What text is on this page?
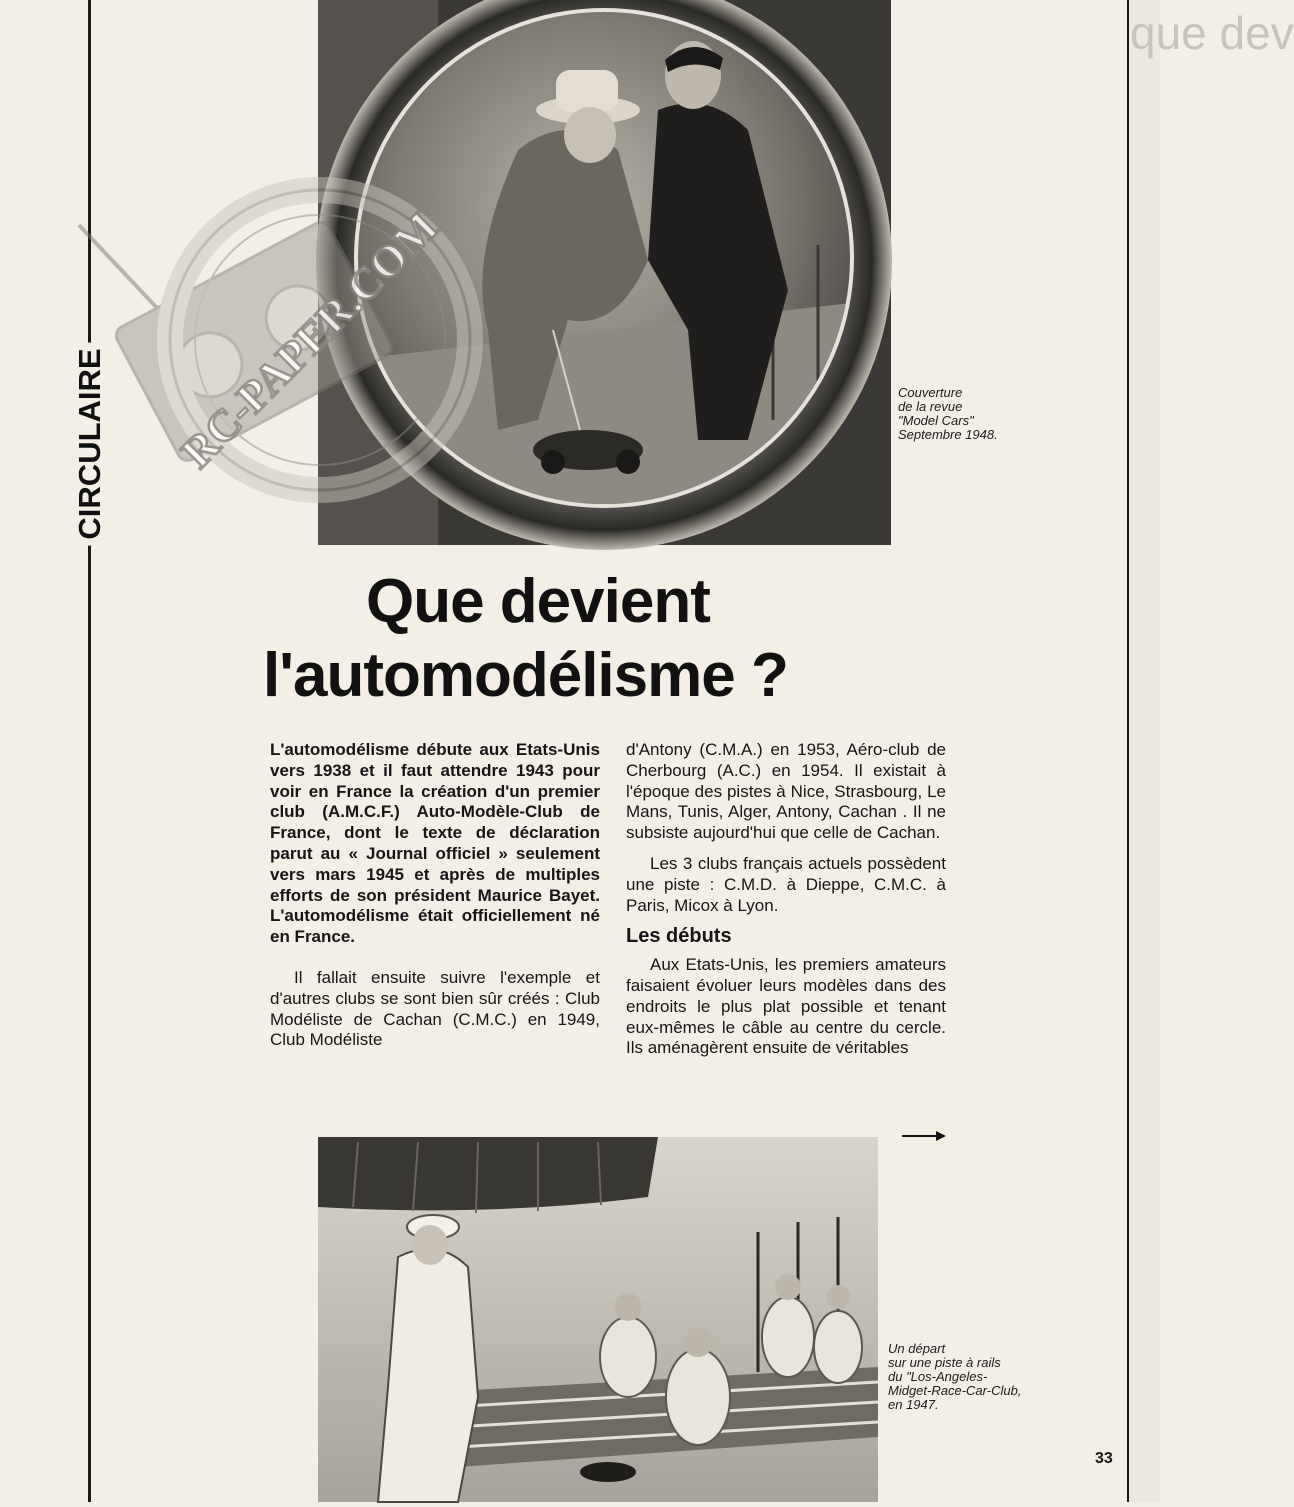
que dev
RC-PAPER.COM
CIRCULAIRE	Couverture
de la revue
"Model Cars"
Septembre 1948.
Que devient
l'automodélisme ?

L'automodélisme débute aux Etats-Unis vers 1938 et il faut attendre 1943 pour voir en France la création d'un premier club (A.M.C.F.) Auto-Modèle-Club de France, dont le texte de déclaration parut au « Journal officiel » seulement vers mars 1945 et après de multiples efforts de son président Maurice Bayet. L'automodélisme était officiellement né en France.

Il fallait ensuite suivre l'exemple et d'autres clubs se sont bien sûr créés : Club Modéliste de Cachan (C.M.C.) en 1949, Club Modéliste

d'Antony (C.M.A.) en 1953, Aéro-club de Cherbourg (A.C.) en 1954. Il existait à l'époque des pistes à Nice, Strasbourg, Le Mans, Tunis, Alger, Antony, Cachan . Il ne subsiste aujourd'hui que celle de Cachan.

Les 3 clubs français actuels possèdent une piste : C.M.D. à Dieppe, C.M.C. à Paris, Micox à Lyon.

Les débuts

Aux Etats-Unis, les premiers amateurs faisaient évoluer leurs modèles dans des endroits le plus plat possible et tenant eux-mêmes le câble au centre du cercle. Ils aménagèrent ensuite de véritables

Un départ
sur une piste à rails
du "Los-Angeles-
Midget-Race-Car-Club,
en 1947.
33
